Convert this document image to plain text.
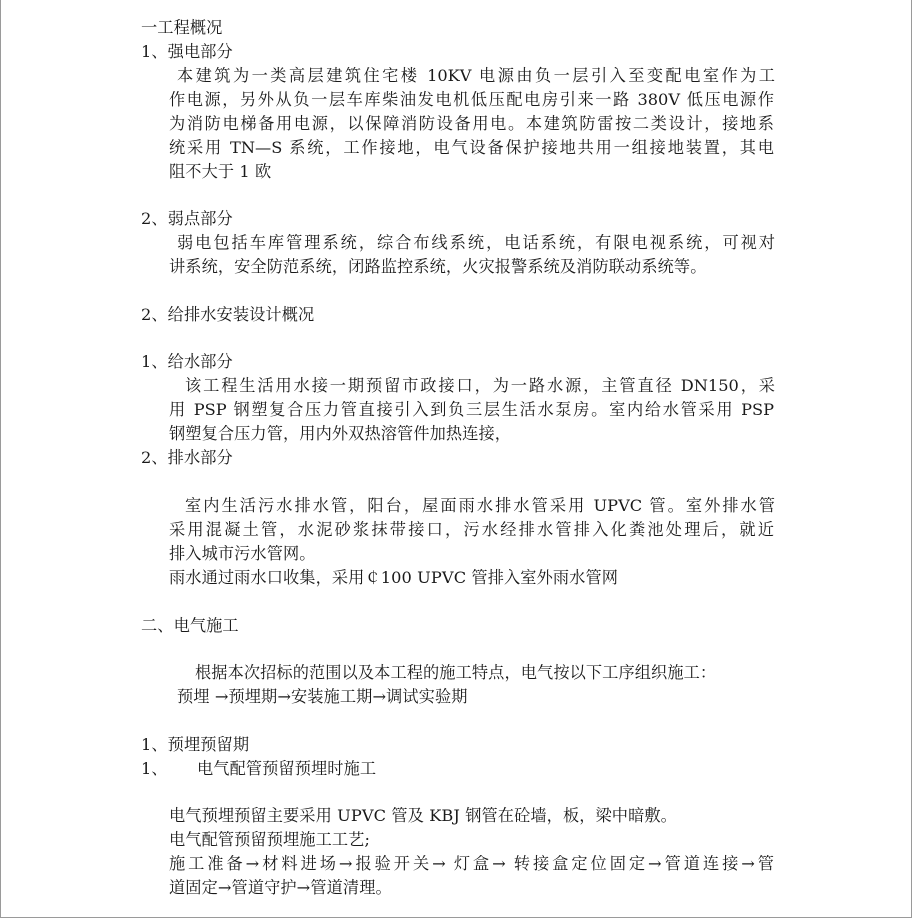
一工程概况
1、强电部分
本建筑为一类高层建筑住宅楼 10KV 电源由负一层引入至变配电室作为工
作电源，另外从负一层车库柴油发电机低压配电房引来一路 380V 低压电源作
为消防电梯备用电源，以保障消防设备用电。本建筑防雷按二类设计，接地系
统采用 TN—S 系统，工作接地，电气设备保护接地共用一组接地装置，其电
阻不大于 1 欧
2、弱点部分
弱电包括车库管理系统，综合布线系统，电话系统，有限电视系统，可视对
讲系统，安全防范系统，闭路监控系统，火灾报警系统及消防联动系统等。
2、给排水安装设计概况
1、给水部分
该工程生活用水接一期预留市政接口，为一路水源，主管直径 DN150，采
用 PSP 钢塑复合压力管直接引入到负三层生活水泵房。室内给水管采用 PSP
钢塑复合压力管，用内外双热溶管件加热连接，
2、排水部分
室内生活污水排水管，阳台，屋面雨水排水管采用 UPVC 管。室外排水管
采用混凝土管，水泥砂浆抹带接口，污水经排水管排入化粪池处理后，就近
排入城市污水管网。
雨水通过雨水口收集，采用￠100 UPVC 管排入室外雨水管网
二、电气施工
根据本次招标的范围以及本工程的施工特点，电气按以下工序组织施工：
预埋 →预埋期→安装施工期→调试实验期
1、预埋预留期
1、 电气配管预留预埋时施工
电气预埋预留主要采用 UPVC 管及 KBJ 钢管在砼墙，板，梁中暗敷。
电气配管预留预埋施工工艺;
施工准备→材料进场→报验开关→ 灯盒→ 转接盒定位固定→管道连接→管
道固定→管道守护→管道清理。
